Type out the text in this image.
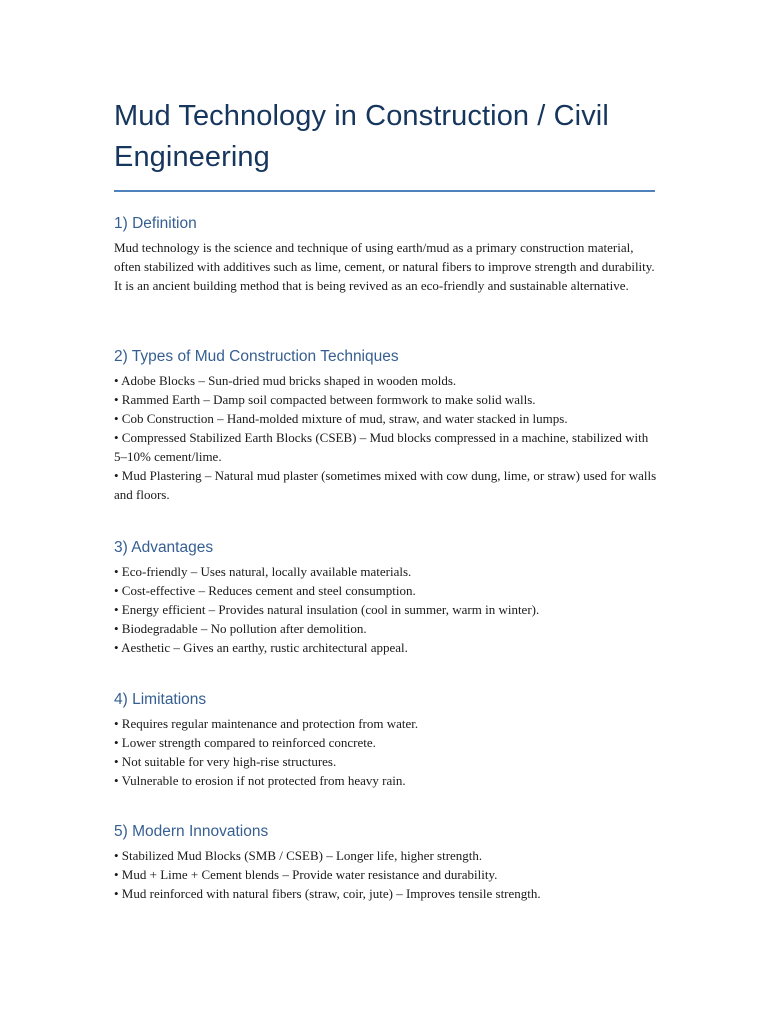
Mud Technology in Construction / Civil Engineering
1) Definition

Mud technology is the science and technique of using earth/mud as a primary construction material, often stabilized with additives such as lime, cement, or natural fibers to improve strength and durability. It is an ancient building method that is being revived as an eco-friendly and sustainable alternative.

2) Types of Mud Construction Techniques
• Adobe Blocks – Sun-dried mud bricks shaped in wooden molds.
• Rammed Earth – Damp soil compacted between formwork to make solid walls.
• Cob Construction – Hand-molded mixture of mud, straw, and water stacked in lumps.
• Compressed Stabilized Earth Blocks (CSEB) – Mud blocks compressed in a machine, stabilized with 5–10% cement/lime.
• Mud Plastering – Natural mud plaster (sometimes mixed with cow dung, lime, or straw) used for walls and floors.
3) Advantages
• Eco-friendly – Uses natural, locally available materials.
• Cost-effective – Reduces cement and steel consumption.
• Energy efficient – Provides natural insulation (cool in summer, warm in winter).
• Biodegradable – No pollution after demolition.
• Aesthetic – Gives an earthy, rustic architectural appeal.
4) Limitations
• Requires regular maintenance and protection from water.
• Lower strength compared to reinforced concrete.
• Not suitable for very high-rise structures.
• Vulnerable to erosion if not protected from heavy rain.
5) Modern Innovations
• Stabilized Mud Blocks (SMB / CSEB) – Longer life, higher strength.
• Mud + Lime + Cement blends – Provide water resistance and durability.
• Mud reinforced with natural fibers (straw, coir, jute) – Improves tensile strength.
